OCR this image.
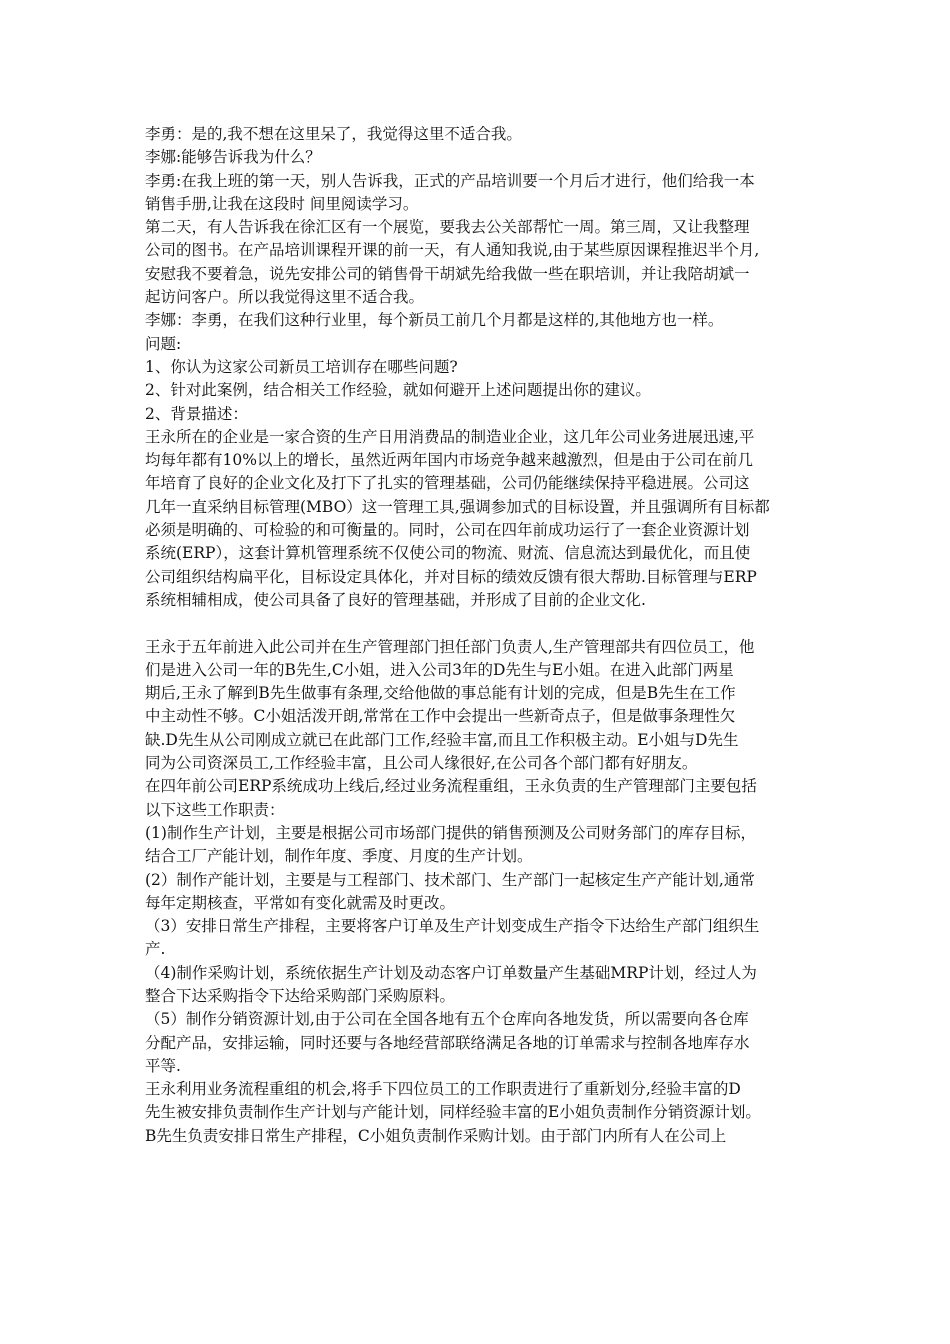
李勇：是的,我不想在这里呆了，我觉得这里不适合我。
李娜:能够告诉我为什么？
李勇:在我上班的第一天，别人告诉我，正式的产品培训要一个月后才进行，他们给我一本
销售手册,让我在这段时 间里阅读学习。
第二天，有人告诉我在徐汇区有一个展览，要我去公关部帮忙一周。第三周，又让我整理
公司的图书。在产品培训课程开课的前一天，有人通知我说,由于某些原因课程推迟半个月,
安慰我不要着急，说先安排公司的销售骨干胡斌先给我做一些在职培训，并让我陪胡斌一
起访问客户。所以我觉得这里不适合我。
李娜：李勇，在我们这种行业里，每个新员工前几个月都是这样的,其他地方也一样。
问题:
1、你认为这家公司新员工培训存在哪些问题?
2、针对此案例，结合相关工作经验，就如何避开上述问题提出你的建议。
2、背景描述：
王永所在的企业是一家合资的生产日用消费品的制造业企业，这几年公司业务进展迅速,平
均每年都有10%以上的增长，虽然近两年国内市场竞争越来越激烈，但是由于公司在前几
年培育了良好的企业文化及打下了扎实的管理基础，公司仍能继续保持平稳进展。公司这
几年一直采纳目标管理(MBO）这一管理工具,强调参加式的目标设置，并且强调所有目标都
必须是明确的、可检验的和可衡量的。同时，公司在四年前成功运行了一套企业资源计划
系统(ERP），这套计算机管理系统不仅使公司的物流、财流、信息流达到最优化，而且使
公司组织结构扁平化，目标设定具体化，并对目标的绩效反馈有很大帮助.目标管理与ERP
系统相辅相成，使公司具备了良好的管理基础，并形成了目前的企业文化.
王永于五年前进入此公司并在生产管理部门担任部门负责人,生产管理部共有四位员工，他
们是进入公司一年的B先生,C小姐，进入公司3年的D先生与E小姐。在进入此部门两星
期后,王永了解到B先生做事有条理,交给他做的事总能有计划的完成，但是B先生在工作
中主动性不够。C小姐活泼开朗,常常在工作中会提出一些新奇点子，但是做事条理性欠
缺.D先生从公司刚成立就已在此部门工作,经验丰富,而且工作积极主动。E小姐与D先生
同为公司资深员工,工作经验丰富，且公司人缘很好,在公司各个部门都有好朋友。
在四年前公司ERP系统成功上线后,经过业务流程重组，王永负责的生产管理部门主要包括
以下这些工作职责：
(1)制作生产计划，主要是根据公司市场部门提供的销售预测及公司财务部门的库存目标，
结合工厂产能计划，制作年度、季度、月度的生产计划。
(2）制作产能计划，主要是与工程部门、技术部门、生产部门一起核定生产产能计划,通常
每年定期核查，平常如有变化就需及时更改。
（3）安排日常生产排程，主要将客户订单及生产计划变成生产指令下达给生产部门组织生
产.
（4)制作采购计划，系统依据生产计划及动态客户订单数量产生基础MRP计划，经过人为
整合下达采购指令下达给采购部门采购原料。
（5）制作分销资源计划,由于公司在全国各地有五个仓库向各地发货，所以需要向各仓库
分配产品，安排运输，同时还要与各地经营部联络满足各地的订单需求与控制各地库存水
平等.
王永利用业务流程重组的机会,将手下四位员工的工作职责进行了重新划分,经验丰富的D
先生被安排负责制作生产计划与产能计划，同样经验丰富的E小姐负责制作分销资源计划。
B先生负责安排日常生产排程，C小姐负责制作采购计划。由于部门内所有人在公司上
